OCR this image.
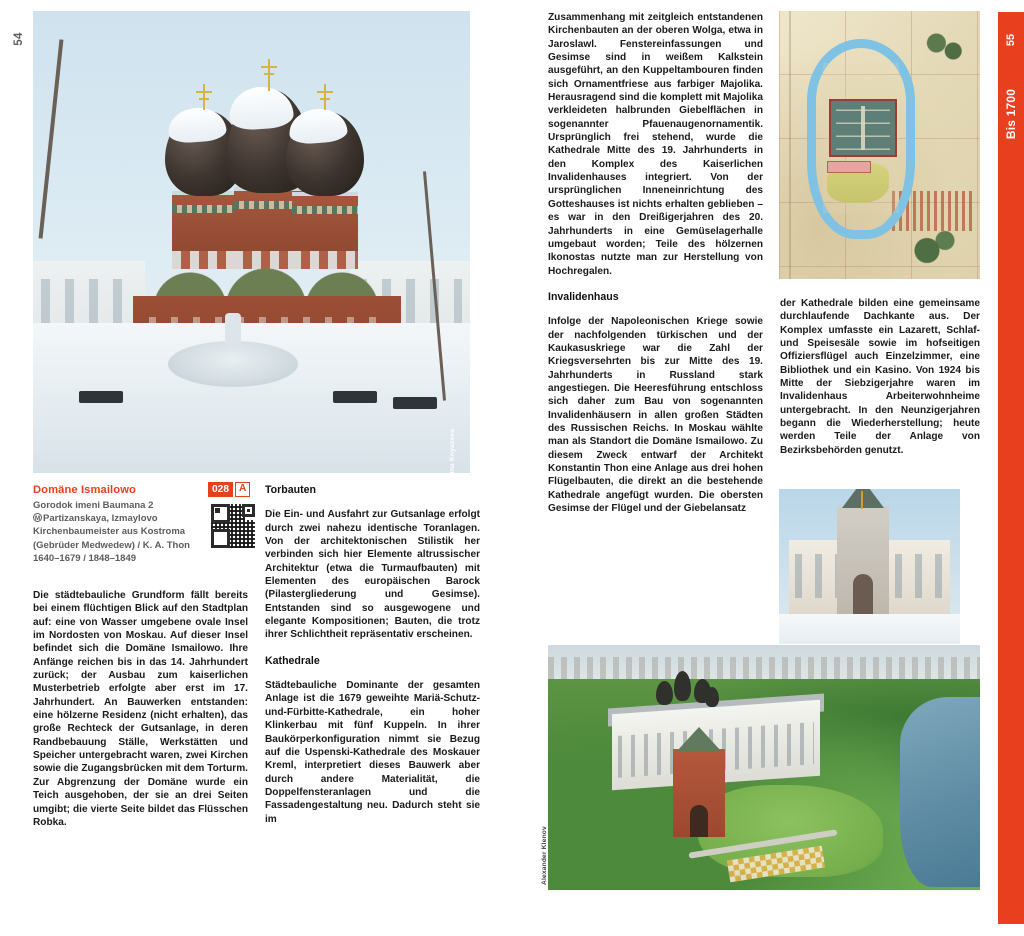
54
Irina Knyazeva
Domäne Ismailowo
Gorodok imeni Baumana 2
MPartizanskaya, Izmaylovo
Kirchenbaumeister aus Kostroma
(Gebrüder Medwedew) / K. A. Thon
1640–1679 / 1848–1849
028 A

Die städtebauliche Grundform fällt bereits bei einem flüchtigen Blick auf den Stadtplan auf: eine von Wasser umgebene ovale Insel im Nordosten von Moskau. Auf dieser Insel befindet sich die Domäne Ismailowo. Ihre Anfänge reichen bis in das 14. Jahrhundert zurück; der Ausbau zum kaiserlichen Musterbetrieb erfolgte aber erst im 17. Jahrhundert. An Bauwerken entstanden: eine hölzerne Residenz (nicht erhalten), das große Rechteck der Gutsanlage, in deren Randbebauung Ställe, Werkstätten und Speicher untergebracht waren, zwei Kirchen sowie die Zugangsbrücken mit dem Torturm. Zur Abgrenzung der Domäne wurde ein Teich ausgehoben, der sie an drei Seiten umgibt; die vierte Seite bildet das Flüsschen Robka.

Torbauten

Die Ein- und Ausfahrt zur Gutsanlage erfolgt durch zwei nahezu identische Toranlagen. Von der architektonischen Stilistik her verbinden sich hier Elemente altrussischer Architektur (etwa die Turmaufbauten) mit Elementen des europäischen Barock (Pilastergliederung und Gesimse). Entstanden sind so ausgewogene und elegante Kompositionen; Bauten, die trotz ihrer Schlichtheit repräsentativ erscheinen.

Kathedrale

Städtebauliche Dominante der gesamten Anlage ist die 1679 geweihte Mariä-Schutz-und-Fürbitte-Kathedrale, ein hoher Klinkerbau mit fünf Kuppeln. In ihrer Baukörperkonfiguration nimmt sie Bezug auf die Uspenski-Kathedrale des Moskauer Kreml, interpretiert dieses Bauwerk aber durch andere Materialität, die Doppelfensteranlagen und die Fassadengestaltung neu. Dadurch steht sie im

Zusammenhang mit zeitgleich entstandenen Kirchenbauten an der oberen Wolga, etwa in Jaroslawl. Fenstereinfassungen und Gesimse sind in weißem Kalkstein ausgeführt, an den Kuppeltambouren finden sich Ornamentfriese aus farbiger Majolika. Herausragend sind die komplett mit Majolika verkleideten halbrunden Giebelflächen in sogenannter Pfauenaugenornamentik. Ursprünglich frei stehend, wurde die Kathedrale Mitte des 19. Jahrhunderts in den Komplex des Kaiserlichen Invalidenhauses integriert. Von der ursprünglichen Inneneinrichtung des Gotteshauses ist nichts erhalten geblieben – es war in den Dreißigerjahren des 20. Jahrhunderts in eine Gemüselagerhalle umgebaut worden; Teile des hölzernen Ikonostas nutzte man zur Herstellung von Hochregalen.

Invalidenhaus

Infolge der Napoleonischen Kriege sowie der nachfolgenden türkischen und der Kaukasuskriege war die Zahl der Kriegsversehrten bis zur Mitte des 19. Jahrhunderts in Russland stark angestiegen. Die Heeresführung entschloss sich daher zum Bau von sogenannten Invalidenhäusern in allen großen Städten des Russischen Reichs. In Moskau wählte man als Standort die Domäne Ismailowo. Zu diesem Zweck entwarf der Architekt Konstantin Thon eine Anlage aus drei hohen Flügelbauten, die direkt an die bestehende Kathedrale angefügt wurden. Die obersten Gesimse der Flügel und der Giebelansatz

der Kathedrale bilden eine gemeinsame durchlaufende Dachkante aus. Der Komplex umfasste ein Lazarett, Schlaf- und Speisesäle sowie im hofseitigen Offiziersflügel auch Einzelzimmer, eine Bibliothek und ein Kasino. Von 1924 bis Mitte der Siebzigerjahre waren im Invalidenhaus Arbeiterwohnheime untergebracht. In den Neunzigerjahren begann die Wiederherstellung; heute werden Teile der Anlage von Bezirksbehörden genutzt.

Irina Knyazeva
Alexander Klenov
55
Bis 1700
